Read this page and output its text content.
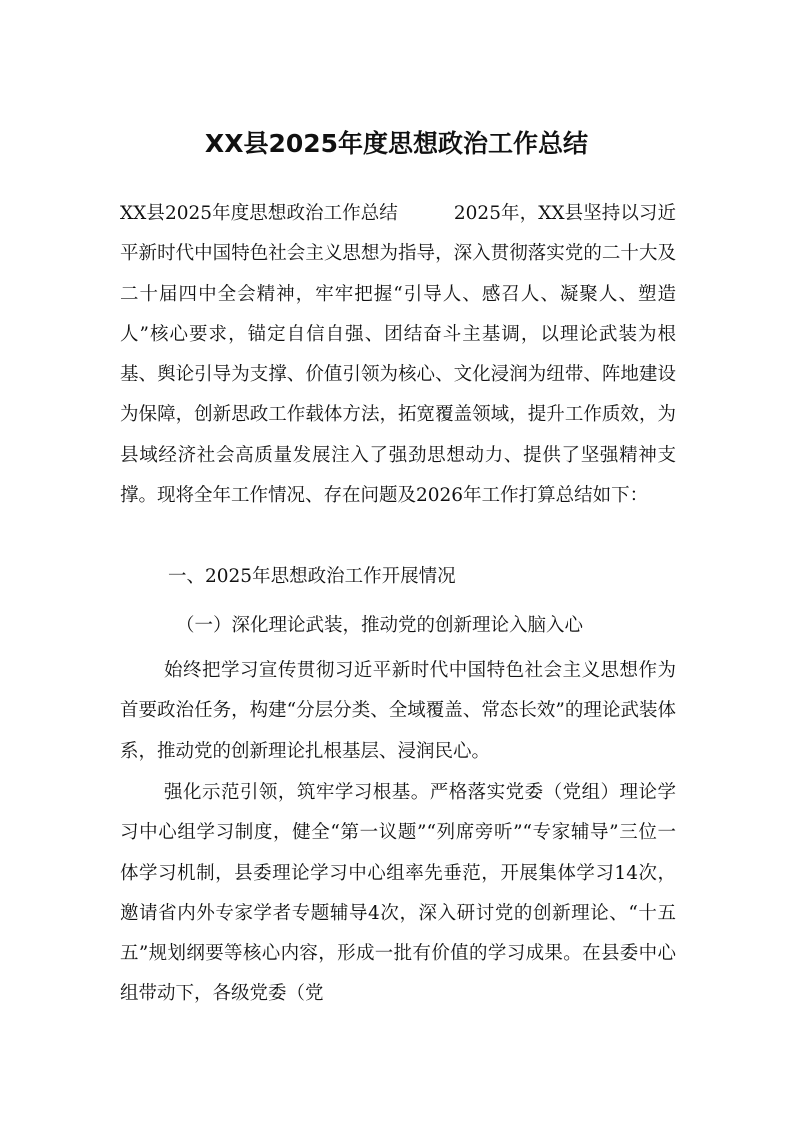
XX县2025年度思想政治工作总结

XX县2025年度思想政治工作总结	2025年，XX县坚持以习近平新时代中国特色社会主义思想为指导，深入贯彻落实党的二十大及二十届四中全会精神，牢牢把握“引导人、感召人、凝聚人、塑造人”核心要求，锚定自信自强、团结奋斗主基调，以理论武装为根基、舆论引导为支撑、价值引领为核心、文化浸润为纽带、阵地建设为保障，创新思政工作载体方法，拓宽覆盖领域，提升工作质效，为县域经济社会高质量发展注入了强劲思想动力、提供了坚强精神支撑。现将全年工作情况、存在问题及2026年工作打算总结如下：

一、2025年思想政治工作开展情况

（一）深化理论武装，推动党的创新理论入脑入心

始终把学习宣传贯彻习近平新时代中国特色社会主义思想作为首要政治任务，构建“分层分类、全域覆盖、常态长效”的理论武装体系，推动党的创新理论扎根基层、浸润民心。

强化示范引领，筑牢学习根基。严格落实党委（党组）理论学习中心组学习制度，健全“第一议题”“列席旁听”“专家辅导”三位一体学习机制，县委理论学习中心组率先垂范，开展集体学习14次，邀请省内外专家学者专题辅导4次，深入研讨党的创新理论、“十五五”规划纲要等核心内容，形成一批有价值的学习成果。在县委中心组带动下，各级党委（党
